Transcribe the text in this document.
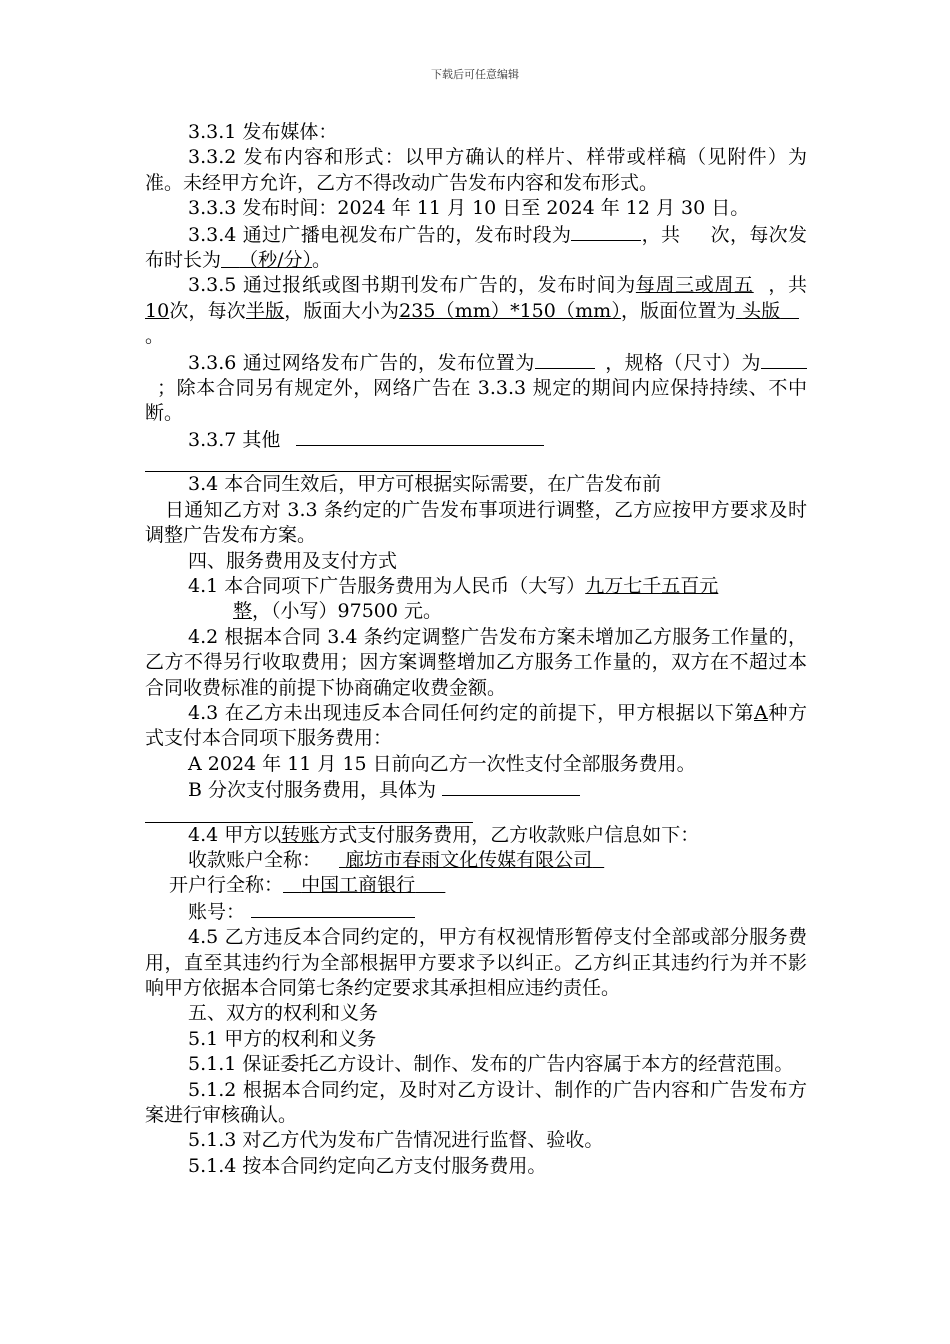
下载后可任意编辑

3.3.1 发布媒体：

3.3.2 发布内容和形式：以甲方确认的样片、样带或样稿（见附件）为准。未经甲方允许，乙方不得改动广告发布内容和发布形式。

3.3.3 发布时间：2024 年 11 月 10 日至 2024 年 12 月 30 日。

3.3.4 通过广播电视发布广告的，发布时段为	，共 次，每次发布时长为 （秒/分）。

3.3.5 通过报纸或图书期刊发布广告的，发布时间为每周三或周五 ，共10次，每次半版，版面大小为235（mm）*150（mm），版面位置为 头版   。

3.3.6 通过网络发布广告的，发布位置为	，规格（尺寸）为；除本合同另有规定外，网络广告在 3.3.3 规定的期间内应保持持续、不中断。

3.3.7 其他

3.4 本合同生效后，甲方可根据实际需要，在广告发布前

日通知乙方对 3.3 条约定的广告发布事项进行调整，乙方应按甲方要求及时调整广告发布方案。

四、服务费用及支付方式

4.1 本合同项下广告服务费用为人民币（大写）九万七千五百元

整，（小写）97500 元。

4.2 根据本合同 3.4 条约定调整广告发布方案未增加乙方服务工作量的，乙方不得另行收取费用；因方案调整增加乙方服务工作量的，双方在不超过本合同收费标准的前提下协商确定收费金额。

4.3 在乙方未出现违反本合同任何约定的前提下，甲方根据以下第A种方式支付本合同项下服务费用：

A 2024 年 11 月 15 日前向乙方一次性支付全部服务费用。

B 分次支付服务费用，具体为

4.4 甲方以转账方式支付服务费用，乙方收款账户信息如下：

收款账户全称： 廊坊市春雨文化传媒有限公司

开户行全称： 中国工商银行

账号：

4.5 乙方违反本合同约定的，甲方有权视情形暂停支付全部或部分服务费用，直至其违约行为全部根据甲方要求予以纠正。乙方纠正其违约行为并不影响甲方依据本合同第七条约定要求其承担相应违约责任。

五、双方的权利和义务

5.1 甲方的权利和义务

5.1.1 保证委托乙方设计、制作、发布的广告内容属于本方的经营范围。

5.1.2 根据本合同约定，及时对乙方设计、制作的广告内容和广告发布方案进行审核确认。

5.1.3 对乙方代为发布广告情况进行监督、验收。

5.1.4 按本合同约定向乙方支付服务费用。
